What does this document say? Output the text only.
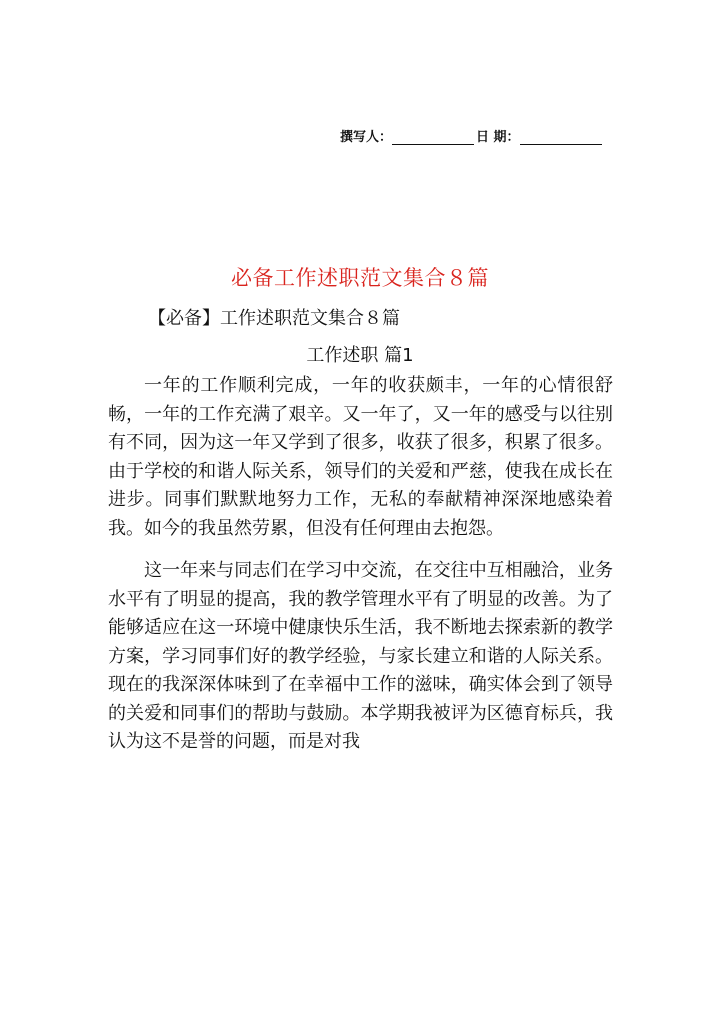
撰写人：	日 期：
必备工作述职范文集合８篇
【必备】工作述职范文集合８篇
工作述职 篇1

一年的工作顺利完成，一年的收获颇丰，一年的心情很舒畅，一年的工作充满了艰辛。又一年了，又一年的感受与以往别有不同，因为这一年又学到了很多，收获了很多，积累了很多。由于学校的和谐人际关系，领导们的关爱和严慈，使我在成长在进步。同事们默默地努力工作，无私的奉献精神深深地感染着我。如今的我虽然劳累，但没有任何理由去抱怨。

这一年来与同志们在学习中交流，在交往中互相融洽，业务水平有了明显的提高，我的教学管理水平有了明显的改善。为了能够适应在这一环境中健康快乐生活，我不断地去探索新的教学方案，学习同事们好的教学经验，与家长建立和谐的人际关系。现在的我深深体味到了在幸福中工作的滋味，确实体会到了领导的关爱和同事们的帮助与鼓励。本学期我被评为区德育标兵，我认为这不是誉的问题，而是对我
